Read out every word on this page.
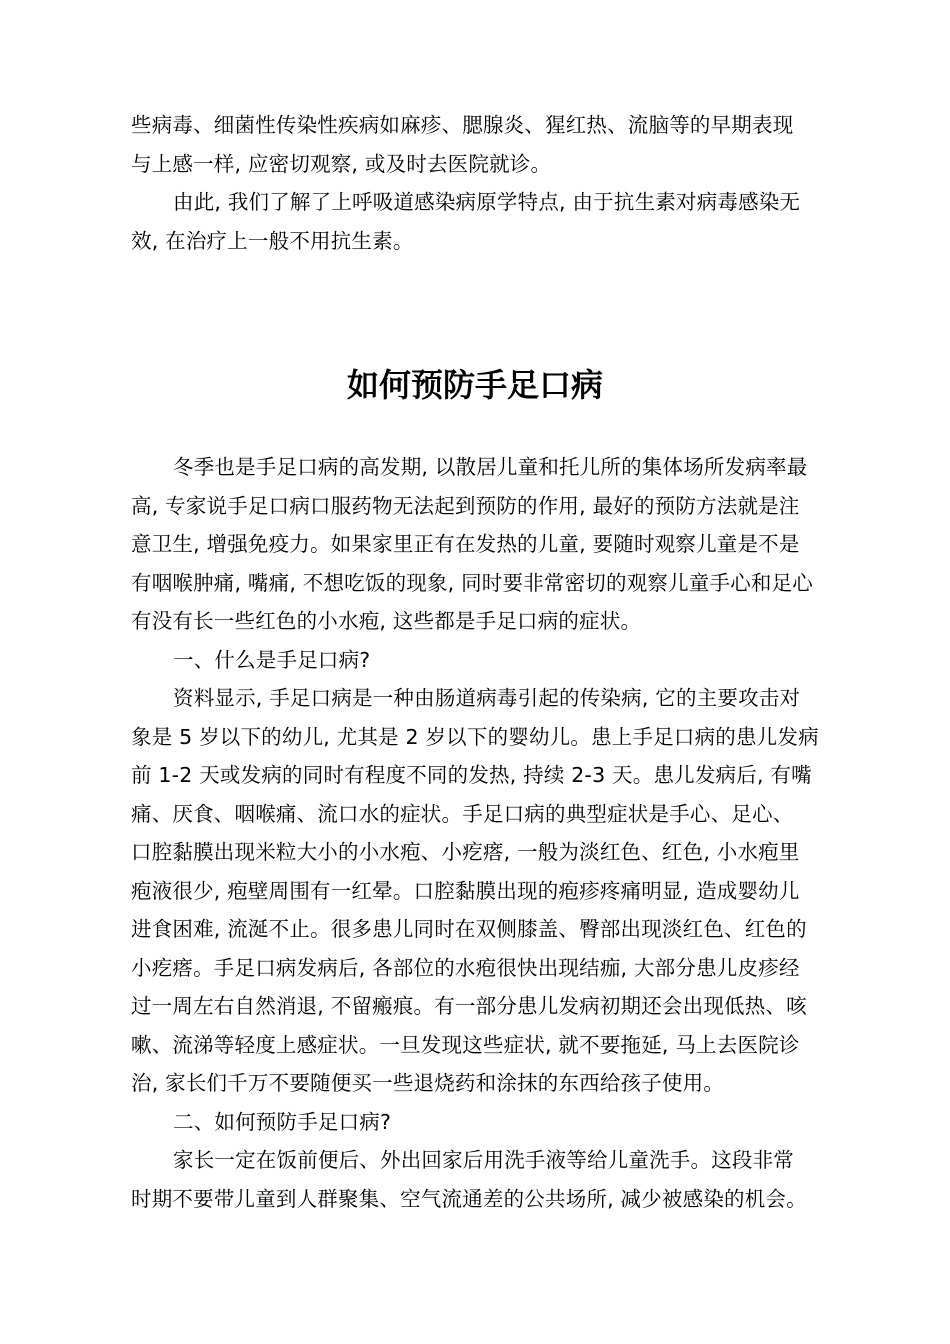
些病毒、细菌性传染性疾病如麻疹、腮腺炎、猩红热、流脑等的早期表现
与上感一样, 应密切观察, 或及时去医院就诊。
由此, 我们了解了上呼吸道感染病原学特点, 由于抗生素对病毒感染无
效, 在治疗上一般不用抗生素。
如何预防手足口病
冬季也是手足口病的高发期, 以散居儿童和托儿所的集体场所发病率最
高, 专家说手足口病口服药物无法起到预防的作用, 最好的预防方法就是注
意卫生, 增强免疫力。如果家里正有在发热的儿童, 要随时观察儿童是不是
有咽喉肿痛, 嘴痛, 不想吃饭的现象, 同时要非常密切的观察儿童手心和足心
有没有长一些红色的小水疱, 这些都是手足口病的症状。
一、什么是手足口病?
资料显示, 手足口病是一种由肠道病毒引起的传染病, 它的主要攻击对
象是 5 岁以下的幼儿, 尤其是 2 岁以下的婴幼儿。患上手足口病的患儿发病
前 1-2 天或发病的同时有程度不同的发热, 持续 2-3 天。患儿发病后, 有嘴
痛、厌食、咽喉痛、流口水的症状。手足口病的典型症状是手心、足心、
口腔黏膜出现米粒大小的小水疱、小疙瘩, 一般为淡红色、红色, 小水疱里
疱液很少, 疱壁周围有一红晕。口腔黏膜出现的疱疹疼痛明显, 造成婴幼儿
进食困难, 流涎不止。很多患儿同时在双侧膝盖、臀部出现淡红色、红色的
小疙瘩。手足口病发病后, 各部位的水疱很快出现结痂, 大部分患儿皮疹经
过一周左右自然消退, 不留瘢痕。有一部分患儿发病初期还会出现低热、咳
嗽、流涕等轻度上感症状。一旦发现这些症状, 就不要拖延, 马上去医院诊
治, 家长们千万不要随便买一些退烧药和涂抹的东西给孩子使用。
二、如何预防手足口病?
家长一定在饭前便后、外出回家后用洗手液等给儿童洗手。这段非常
时期不要带儿童到人群聚集、空气流通差的公共场所, 减少被感染的机会。
